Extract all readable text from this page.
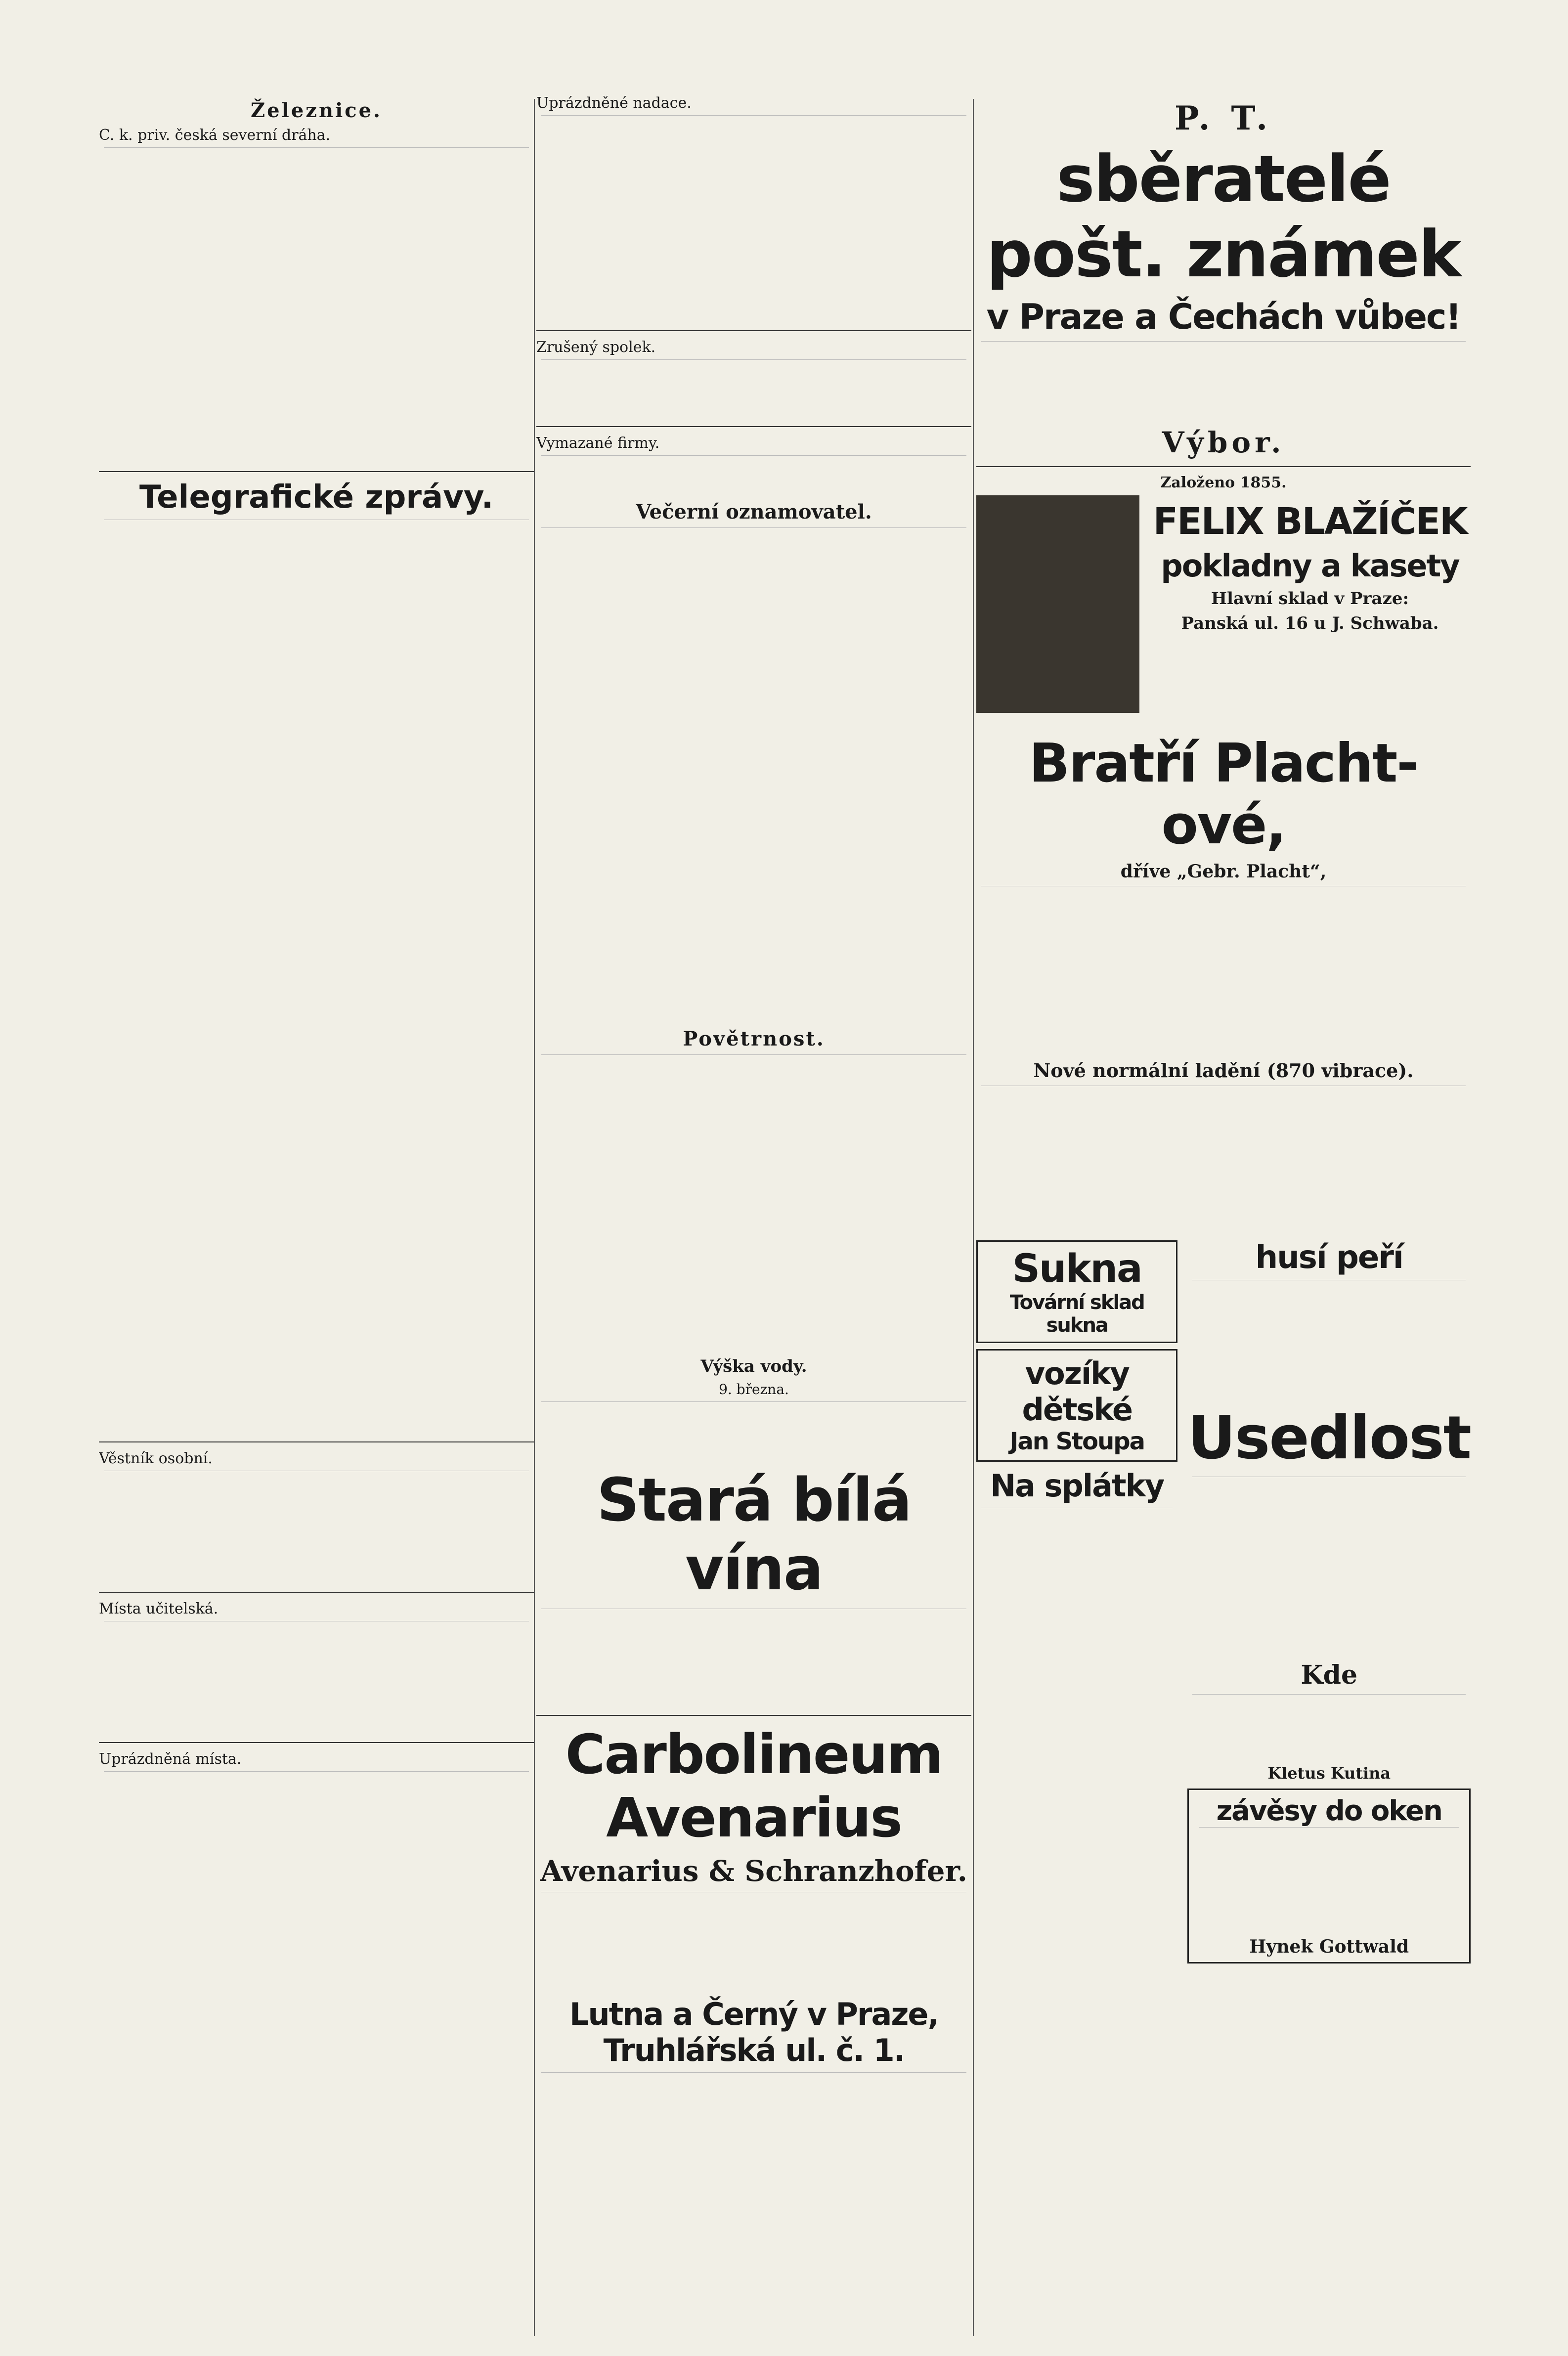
Železnice.

C. k. priv. česká severní dráha.

Telegrafické zprávy.

Věstník osobní.

Místa učitelská.

Uprázdněná místa.

Uprázdněné nadace.

Zrušený spolek.

Vymazané firmy.

Večerní oznamovatel.
Povětrnost.
Výška vody.
9. března.
Stará bílá vína
Carbolineum Avenarius
Avenarius & Schranzhofer.
Lutna a Černý v Praze, Truhlářská ul. č. 1.
P. T.
sběratelé pošt. známek
v Praze a Čechách vůbec!
Výbor.
Založeno 1855.
FELIX BLAŽÍČEK
pokladny a kasety
Hlavní sklad v Praze:
Panská ul. 16 u J. Schwaba.
Bratří Placht-ové,
dříve „Gebr. Placht“,
Nové normální ladění (870 vibrace).
Sukna
Tovární sklad sukna
vozíky dětské
Jan Stoupa
Na splátky
husí peří
Usedlost
Kde
Kletus Kutina
závěsy do oken
Hynek Gottwald
